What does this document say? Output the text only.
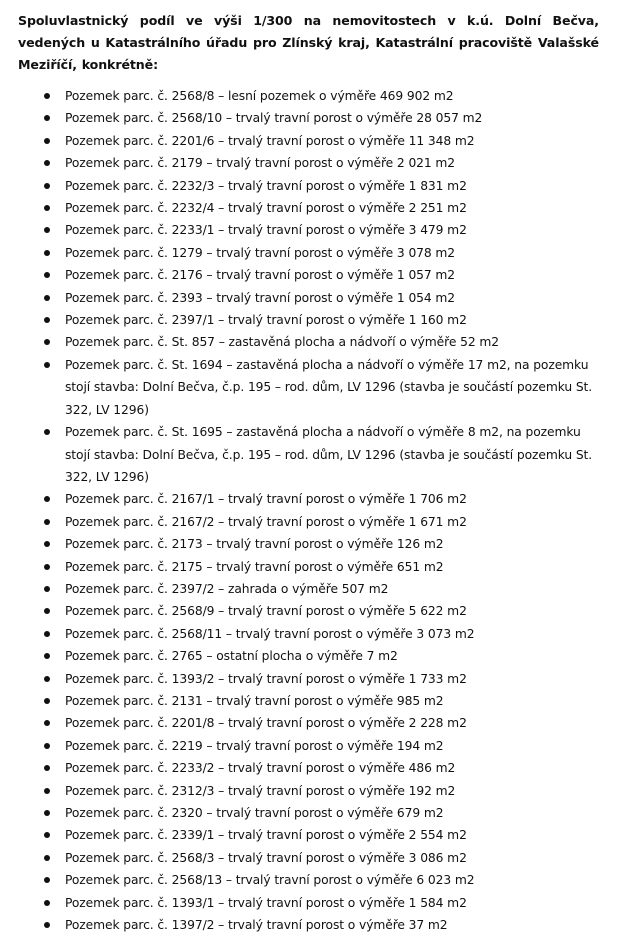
Spoluvlastnický podíl ve výši 1/300 na nemovitostech v k.ú. Dolní Bečva, vedených u Katastrálního úřadu pro Zlínský kraj, Katastrální pracoviště Valašské Meziříčí, konkrétně:

Pozemek parc. č. 2568/8 – lesní pozemek o výměře 469 902 m2
Pozemek parc. č. 2568/10 – trvalý travní porost o výměře 28 057 m2
Pozemek parc. č. 2201/6 – trvalý travní porost o výměře 11 348 m2
Pozemek parc. č. 2179 – trvalý travní porost o výměře 2 021 m2
Pozemek parc. č. 2232/3 – trvalý travní porost o výměře 1 831 m2
Pozemek parc. č. 2232/4 – trvalý travní porost o výměře 2 251 m2
Pozemek parc. č. 2233/1 – trvalý travní porost o výměře 3 479 m2
Pozemek parc. č. 1279 – trvalý travní porost o výměře 3 078 m2
Pozemek parc. č. 2176 – trvalý travní porost o výměře 1 057 m2
Pozemek parc. č. 2393 – trvalý travní porost o výměře 1 054 m2
Pozemek parc. č. 2397/1 – trvalý travní porost o výměře 1 160 m2
Pozemek parc. č. St. 857 – zastavěná plocha a nádvoří o výměře 52 m2
Pozemek parc. č. St. 1694 – zastavěná plocha a nádvoří o výměře 17 m2, na pozemku stojí stavba: Dolní Bečva, č.p. 195 – rod. dům, LV 1296 (stavba je součástí pozemku St. 322, LV 1296)
Pozemek parc. č. St. 1695 – zastavěná plocha a nádvoří o výměře 8 m2, na pozemku stojí stavba: Dolní Bečva, č.p. 195 – rod. dům, LV 1296 (stavba je součástí pozemku St. 322, LV 1296)
Pozemek parc. č. 2167/1 – trvalý travní porost o výměře 1 706 m2
Pozemek parc. č. 2167/2 – trvalý travní porost o výměře 1 671 m2
Pozemek parc. č. 2173 – trvalý travní porost o výměře 126 m2
Pozemek parc. č. 2175 – trvalý travní porost o výměře 651 m2
Pozemek parc. č. 2397/2 – zahrada o výměře 507 m2
Pozemek parc. č. 2568/9 – trvalý travní porost o výměře 5 622 m2
Pozemek parc. č. 2568/11 – trvalý travní porost o výměře 3 073 m2
Pozemek parc. č. 2765 – ostatní plocha o výměře 7 m2
Pozemek parc. č. 1393/2 – trvalý travní porost o výměře 1 733 m2
Pozemek parc. č. 2131 – trvalý travní porost o výměře 985 m2
Pozemek parc. č. 2201/8 – trvalý travní porost o výměře 2 228 m2
Pozemek parc. č. 2219 – trvalý travní porost o výměře 194 m2
Pozemek parc. č. 2233/2 – trvalý travní porost o výměře 486 m2
Pozemek parc. č. 2312/3 – trvalý travní porost o výměře 192 m2
Pozemek parc. č. 2320 – trvalý travní porost o výměře 679 m2
Pozemek parc. č. 2339/1 – trvalý travní porost o výměře 2 554 m2
Pozemek parc. č. 2568/3 – trvalý travní porost o výměře 3 086 m2
Pozemek parc. č. 2568/13 – trvalý travní porost o výměře 6 023 m2
Pozemek parc. č. 1393/1 – trvalý travní porost o výměře 1 584 m2
Pozemek parc. č. 1397/2 – trvalý travní porost o výměře 37 m2
